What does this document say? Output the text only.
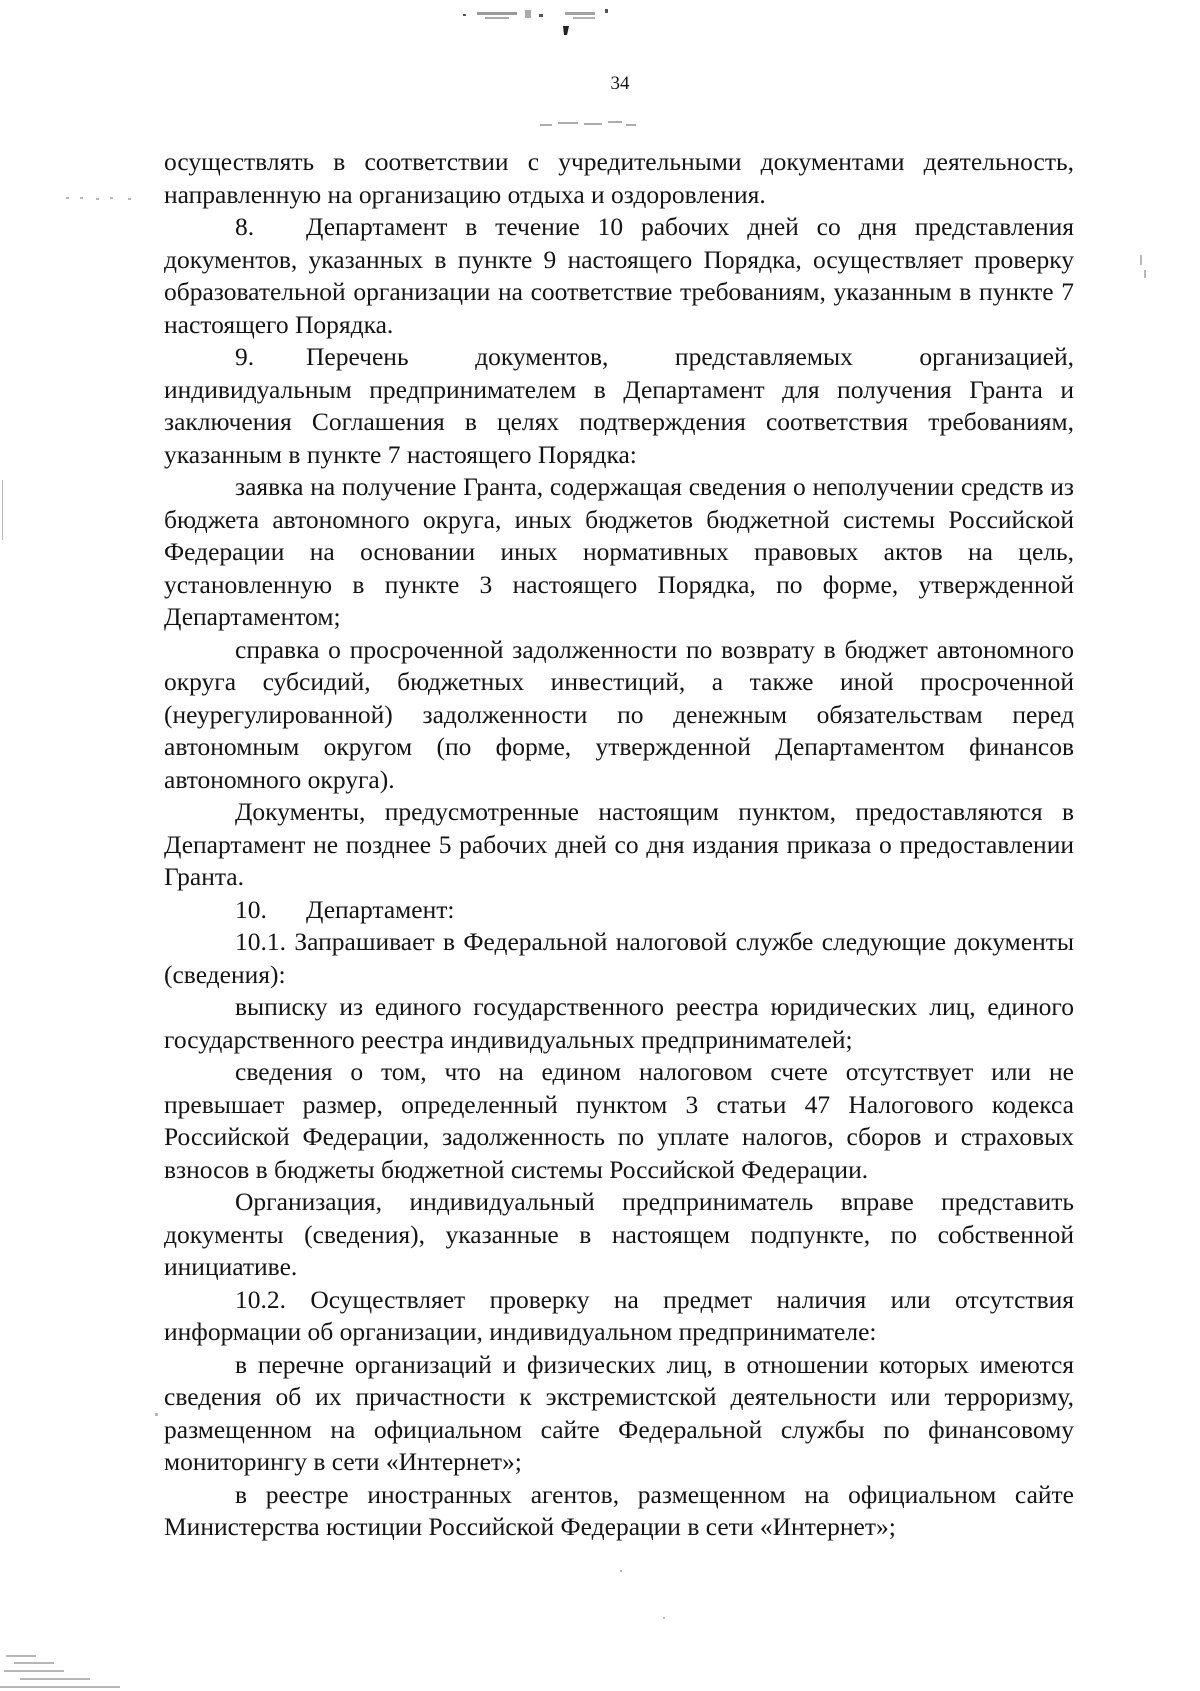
34

осуществлять в соответствии с учредительными документами деятельность, направленную на организацию отдыха и оздоровления.

8. Департамент в течение 10 рабочих дней со дня представления документов, указанных в пункте 9 настоящего Порядка, осуществляет проверку образовательной организации на соответствие требованиям, указанным в пункте 7 настоящего Порядка.

9. Перечень документов, представляемых организацией, индивидуальным предпринимателем в Департамент для получения Гранта и заключения Соглашения в целях подтверждения соответствия требованиям, указанным в пункте 7 настоящего Порядка:

заявка на получение Гранта, содержащая сведения о неполучении средств из бюджета автономного округа, иных бюджетов бюджетной системы Российской Федерации на основании иных нормативных правовых актов на цель, установленную в пункте 3 настоящего Порядка, по форме, утвержденной Департаментом;

справка о просроченной задолженности по возврату в бюджет автономного округа субсидий, бюджетных инвестиций, а также иной просроченной (неурегулированной) задолженности по денежным обязательствам перед автономным округом (по форме, утвержденной Департаментом финансов автономного округа).

Документы, предусмотренные настоящим пунктом, предоставляются в Департамент не позднее 5 рабочих дней со дня издания приказа о предоставлении Гранта.

10. Департамент:

10.1. Запрашивает в Федеральной налоговой службе следующие документы (сведения):

выписку из единого государственного реестра юридических лиц, единого государственного реестра индивидуальных предпринимателей;

сведения о том, что на едином налоговом счете отсутствует или не превышает размер, определенный пунктом 3 статьи 47 Налогового кодекса Российской Федерации, задолженность по уплате налогов, сборов и страховых взносов в бюджеты бюджетной системы Российской Федерации.

Организация, индивидуальный предприниматель вправе представить документы (сведения), указанные в настоящем подпункте, по собственной инициативе.

10.2. Осуществляет проверку на предмет наличия или отсутствия информации об организации, индивидуальном предпринимателе:

в перечне организаций и физических лиц, в отношении которых имеются сведения об их причастности к экстремистской деятельности или терроризму, размещенном на официальном сайте Федеральной службы по финансовому мониторингу в сети «Интернет»;

в реестре иностранных агентов, размещенном на официальном сайте Министерства юстиции Российской Федерации в сети «Интернет»;
